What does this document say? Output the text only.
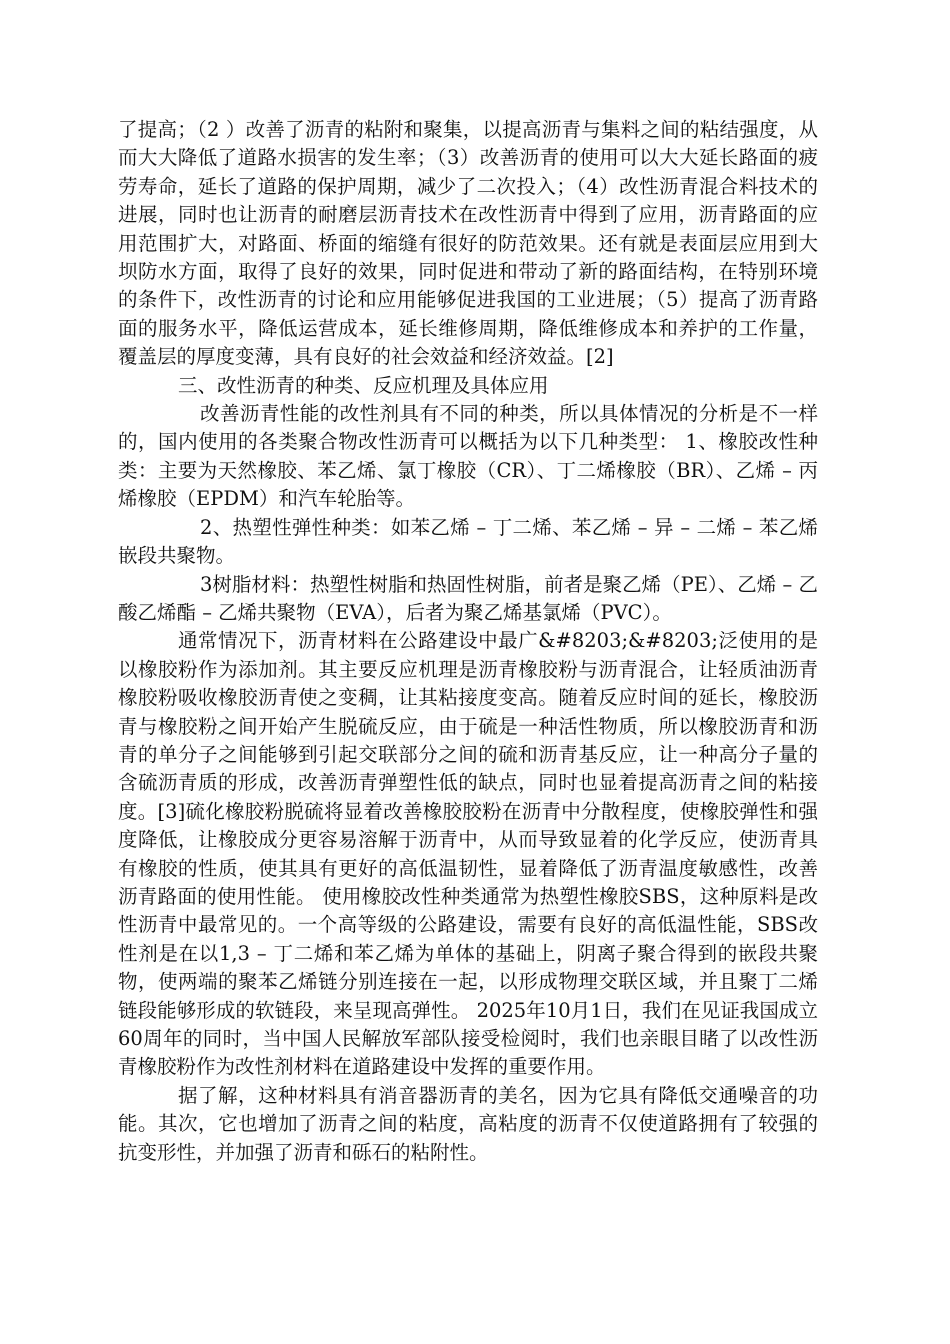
了提高；（2 ）改善了沥青的粘附和聚集，以提高沥青与集料之间的粘结强度，从而大大降低了道路水损害的发生率；（3）改善沥青的使用可以大大延长路面的疲劳寿命，延长了道路的保护周期，减少了二次投入；（4）改性沥青混合料技术的进展，同时也让沥青的耐磨层沥青技术在改性沥青中得到了应用，沥青路面的应用范围扩大，对路面、桥面的缩缝有很好的防范效果。还有就是表面层应用到大坝防水方面，取得了良好的效果，同时促进和带动了新的路面结构，在特别环境的条件下，改性沥青的讨论和应用能够促进我国的工业进展；（5）提高了沥青路面的服务水平，降低运营成本，延长维修周期，降低维修成本和养护的工作量，覆盖层的厚度变薄，具有良好的社会效益和经济效益。[2]

三、改性沥青的种类、反应机理及具体应用

改善沥青性能的改性剂具有不同的种类，所以具体情况的分析是不一样的，国内使用的各类聚合物改性沥青可以概括为以下几种类型： 1、橡胶改性种类：主要为天然橡胶、苯乙烯、氯丁橡胶（CR）、丁二烯橡胶（BR）、乙烯 – 丙烯橡胶（EPDM）和汽车轮胎等。

2、热塑性弹性种类：如苯乙烯 – 丁二烯、苯乙烯 – 异 – 二烯 – 苯乙烯嵌段共聚物。

3树脂材料：热塑性树脂和热固性树脂，前者是聚乙烯（PE）、乙烯 – 乙酸乙烯酯 – 乙烯共聚物（EVA），后者为聚乙烯基氯烯（PVC）。

通常情况下，沥青材料在公路建设中最广&#8203;&#8203;泛使用的是以橡胶粉作为添加剂。其主要反应机理是沥青橡胶粉与沥青混合，让轻质油沥青橡胶粉吸收橡胶沥青使之变稠，让其粘接度变高。随着反应时间的延长，橡胶沥青与橡胶粉之间开始产生脱硫反应，由于硫是一种活性物质，所以橡胶沥青和沥青的单分子之间能够到引起交联部分之间的硫和沥青基反应，让一种高分子量的含硫沥青质的形成，改善沥青弹塑性低的缺点，同时也显着提高沥青之间的粘接度。[3]硫化橡胶粉脱硫将显着改善橡胶胶粉在沥青中分散程度，使橡胶弹性和强度降低，让橡胶成分更容易溶解于沥青中，从而导致显着的化学反应，使沥青具有橡胶的性质，使其具有更好的高低温韧性，显着降低了沥青温度敏感性，改善沥青路面的使用性能。 使用橡胶改性种类通常为热塑性橡胶SBS，这种原料是改性沥青中最常见的。一个高等级的公路建设，需要有良好的高低温性能，SBS改性剂是在以1,3 – 丁二烯和苯乙烯为单体的基础上，阴离子聚合得到的嵌段共聚物，使两端的聚苯乙烯链分别连接在一起，以形成物理交联区域，并且聚丁二烯链段能够形成的软链段，来呈现高弹性。 2025年10月1日，我们在见证我国成立60周年的同时，当中国人民解放军部队接受检阅时，我们也亲眼目睹了以改性沥青橡胶粉作为改性剂材料在道路建设中发挥的重要作用。

据了解，这种材料具有消音器沥青的美名，因为它具有降低交通噪音的功能。其次，它也增加了沥青之间的粘度，高粘度的沥青不仅使道路拥有了较强的抗变形性，并加强了沥青和砾石的粘附性。
